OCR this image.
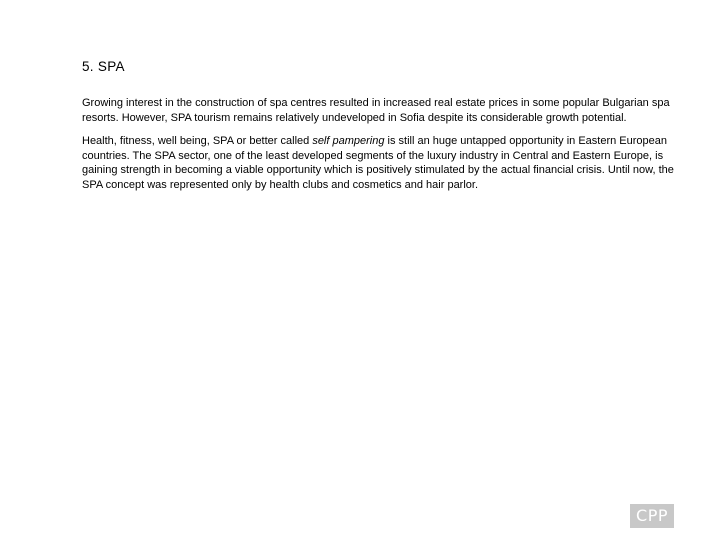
5. SPA

Growing interest in the construction of spa centres resulted in increased real estate prices in some popular Bulgarian spa resorts. However, SPA tourism remains relatively undeveloped in Sofia despite its considerable growth potential.

Health, fitness, well being, SPA or better called self pampering is still an huge untapped opportunity in Eastern European countries. The SPA sector, one of the least developed segments of the luxury industry in Central and Eastern Europe, is gaining strength in becoming a viable opportunity which is positively stimulated by the actual financial crisis. Until now, the SPA concept was represented only by health clubs and cosmetics and hair parlor.

CPP
